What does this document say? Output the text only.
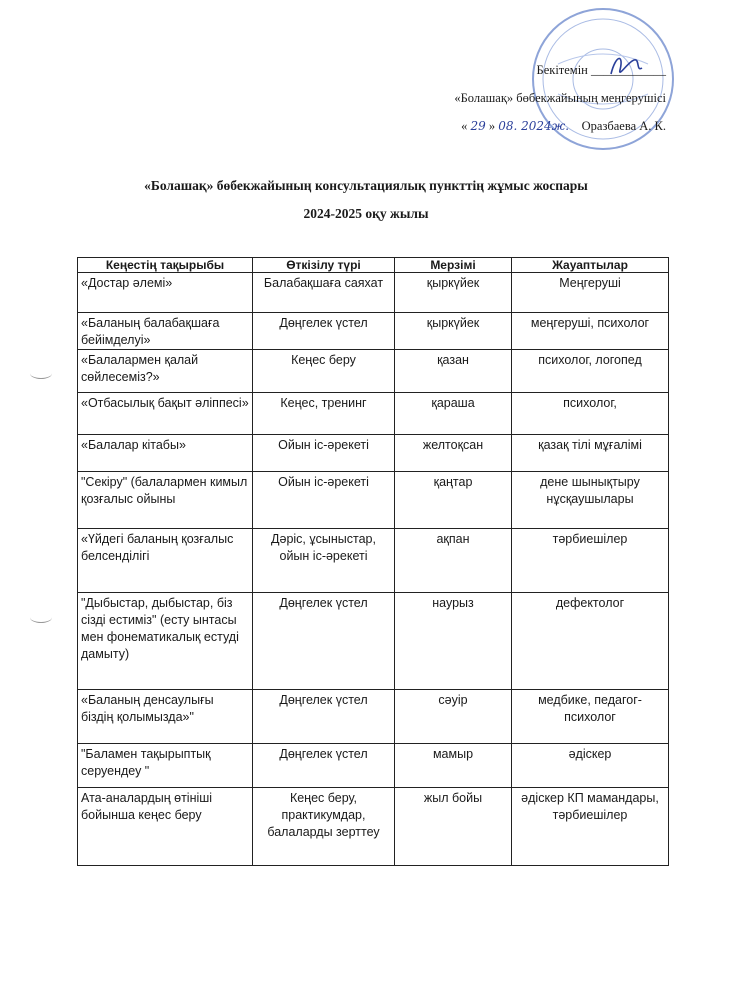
Бекітемін ____________
«Болашақ» бөбекжайының меңгерушісі
« 29 » 08. 2024ж. Оразбаева А. К.
«Болашақ» бөбекжайының консультациялық пункттің жұмыс жоспары
2024-2025 оқу жылы
Кеңестің тақырыбы	Өткізілу түрі	Мерзімі	Жауаптылар
«Достар әлемі»	Балабақшаға саяхат	қыркүйек	Меңгеруші
«Баланың балабақшаға бейімделуі»	Дөңгелек үстел	қыркүйек	меңгеруші, психолог
«Балалармен қалай сөйлесеміз?»	Кеңес беру	қазан	психолог, логопед
«Отбасылық бақыт әліппесі»	Кеңес, тренинг	қараша	психолог,
«Балалар кітабы»	Ойын іс-әрекеті	желтоқсан	қазақ тілі мұғалімі
"Секіру" (балалармен кимыл қозғалыс ойыны	Ойын іс-әрекеті	қаңтар	дене шынықтыру нұсқаушылары
«Үйдегі баланың қозғалыс белсенділігі	Дәріс, ұсыныстар, ойын іс-әрекеті	ақпан	тәрбиешілер
"Дыбыстар, дыбыстар, біз сізді естиміз" (есту ынтасы мен фонематикалық естуді дамыту)	Дөңгелек үстел	наурыз	дефектолог
«Баланың денсаулығы біздің қолымызда»"	Дөңгелек үстел	сәуір	медбике, педагог-психолог
"Баламен тақырыптық серуендеу "	Дөңгелек үстел	мамыр	әдіскер
Ата-аналардың өтініші бойынша кеңес беру	Кеңес беру, практикумдар, балаларды зерттеу	жыл бойы	әдіскер КП мамандары, тәрбиешілер
